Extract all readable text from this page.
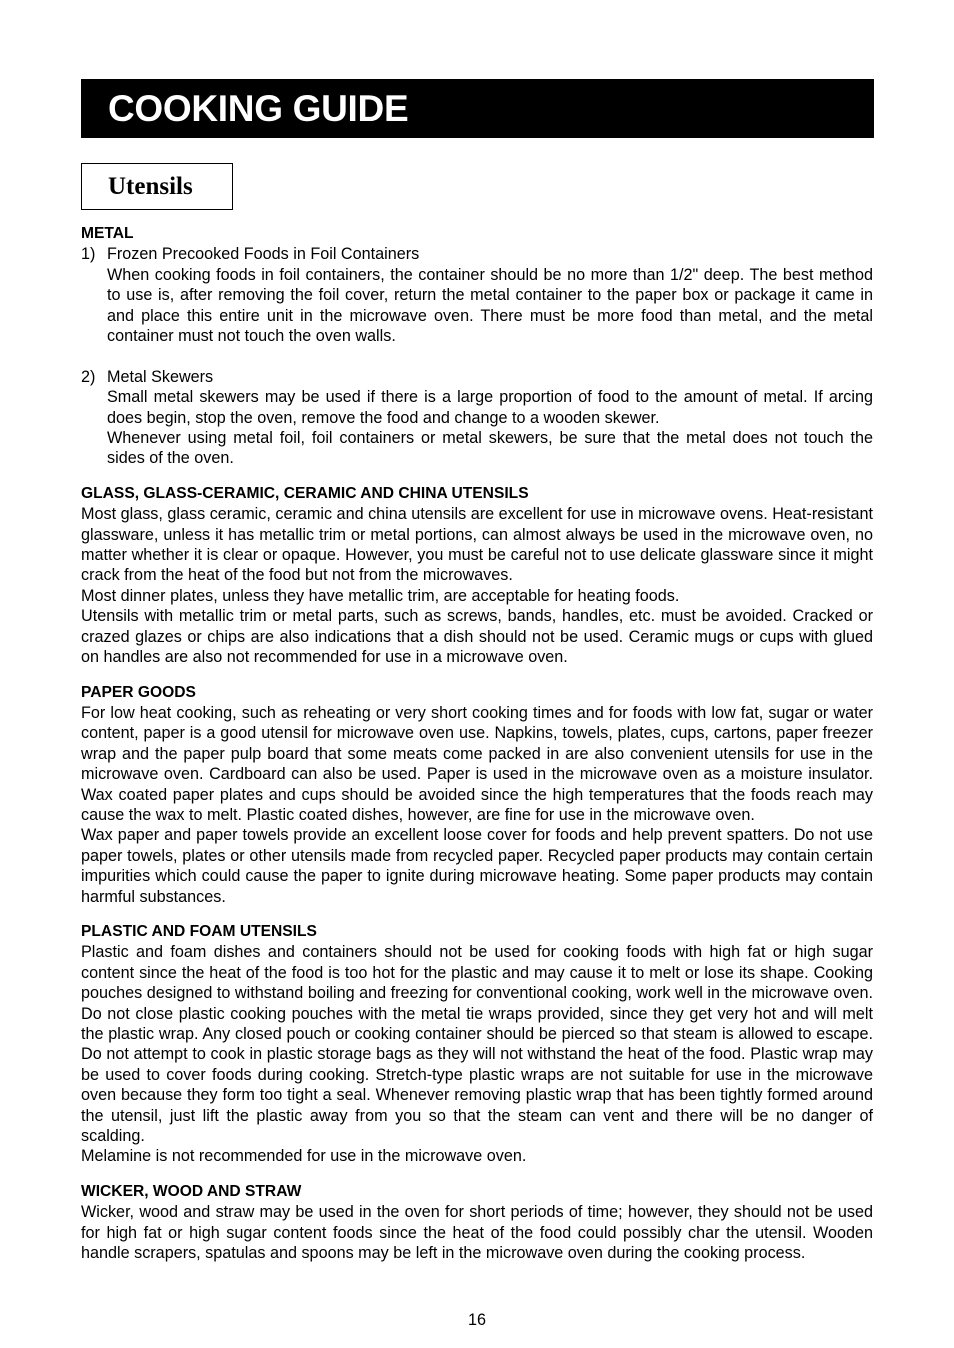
COOKING GUIDE
Utensils

METAL

1) Frozen Precooked Foods in Foil Containers

When cooking foods in foil containers, the container should be no more than 1/2" deep. The best method to use is, after removing the foil cover, return the metal container to the paper box or package it came in and place this entire unit in the microwave oven. There must be more food than metal, and the metal container must not touch the oven walls.

2) Metal Skewers

Small metal skewers may be used if there is a large proportion of food to the amount of metal. If arcing does begin, stop the oven, remove the food and change to a wooden skewer.

Whenever using metal foil, foil containers or metal skewers, be sure that the metal does not touch the sides of the oven.

GLASS, GLASS-CERAMIC, CERAMIC AND CHINA UTENSILS

Most glass, glass ceramic, ceramic and china utensils are excellent for use in microwave ovens. Heat-resistant glassware, unless it has metallic trim or metal portions, can almost always be used in the microwave oven, no matter whether it is clear or opaque. However, you must be careful not to use delicate glassware since it might crack from the heat of the food but not from the microwaves.

Most dinner plates, unless they have metallic trim, are acceptable for heating foods.

Utensils with metallic trim or metal parts, such as screws, bands, handles, etc. must be avoided. Cracked or crazed glazes or chips are also indications that a dish should not be used. Ceramic mugs or cups with glued on handles are also not recommended for use in a microwave oven.

PAPER GOODS

For low heat cooking, such as reheating or very short cooking times and for foods with low fat, sugar or water content, paper is a good utensil for microwave oven use. Napkins, towels, plates, cups, cartons, paper freezer wrap and the paper pulp board that some meats come packed in are also convenient utensils for use in the microwave oven. Cardboard can also be used. Paper is used in the microwave oven as a moisture insulator. Wax coated paper plates and cups should be avoided since the high temperatures that the foods reach may cause the wax to melt. Plastic coated dishes, however, are fine for use in the microwave oven.

Wax paper and paper towels provide an excellent loose cover for foods and help prevent spatters. Do not use paper towels, plates or other utensils made from recycled paper. Recycled paper products may contain certain impurities which could cause the paper to ignite during microwave heating. Some paper products may contain harmful substances.

PLASTIC AND FOAM UTENSILS

Plastic and foam dishes and containers should not be used for cooking foods with high fat or high sugar content since the heat of the food is too hot for the plastic and may cause it to melt or lose its shape. Cooking pouches designed to withstand boiling and freezing for conventional cooking, work well in the microwave oven. Do not close plastic cooking pouches with the metal tie wraps provided, since they get very hot and will melt the plastic wrap. Any closed pouch or cooking container should be pierced so that steam is allowed to escape. Do not attempt to cook in plastic storage bags as they will not withstand the heat of the food. Plastic wrap may be used to cover foods during cooking. Stretch-type plastic wraps are not suitable for use in the microwave oven because they form too tight a seal. Whenever removing plastic wrap that has been tightly formed around the utensil, just lift the plastic away from you so that the steam can vent and there will be no danger of scalding.

Melamine is not recommended for use in the microwave oven.

WICKER, WOOD AND STRAW

Wicker, wood and straw may be used in the oven for short periods of time; however, they should not be used for high fat or high sugar content foods since the heat of the food could possibly char the utensil. Wooden handle scrapers, spatulas and spoons may be left in the microwave oven during the cooking process.

16
